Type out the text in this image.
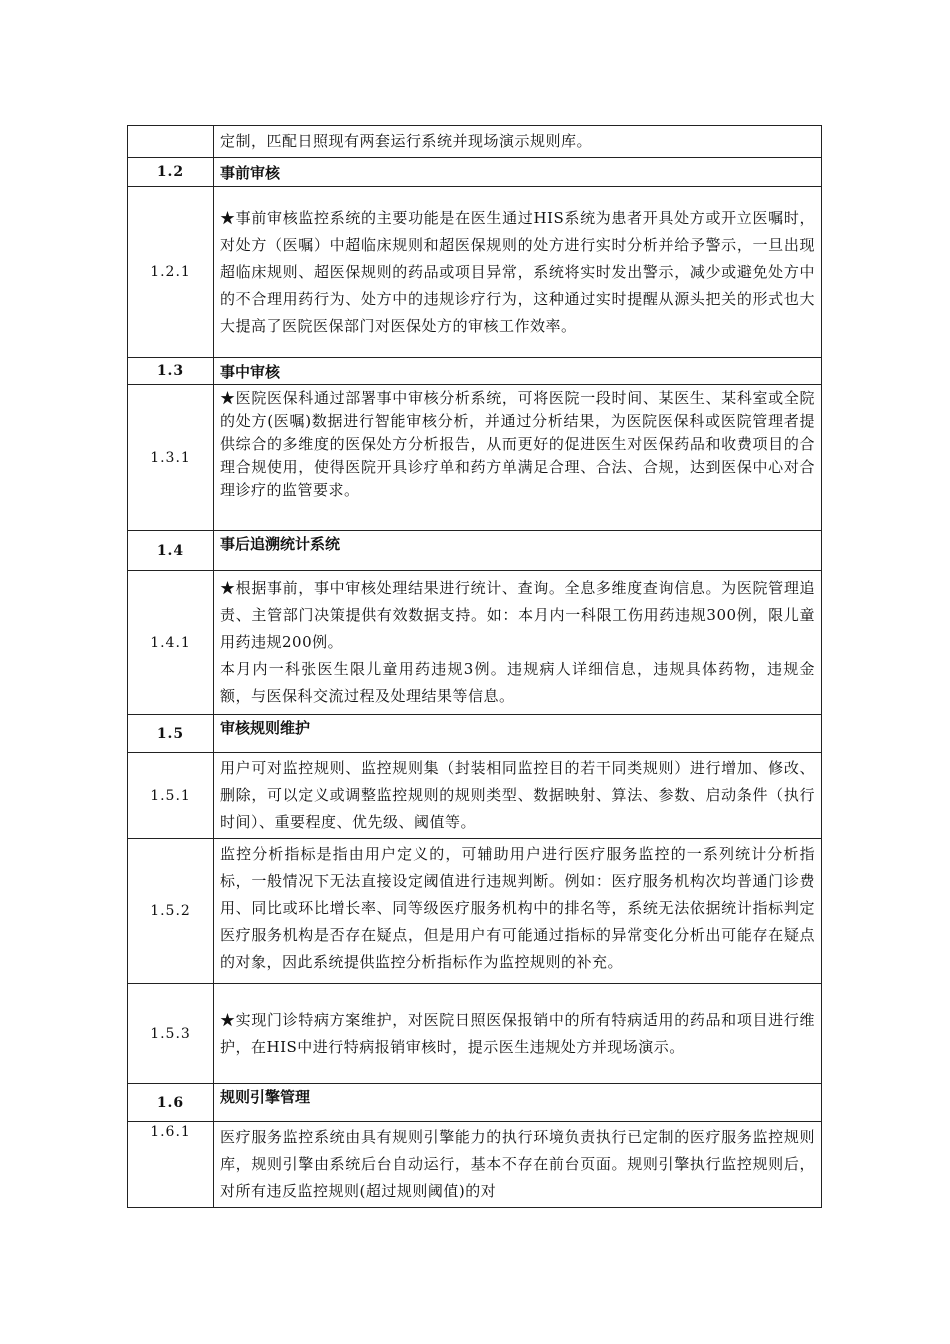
	定制，匹配日照现有两套运行系统并现场演示规则库。
1.2	事前审核
1.2.1	★事前审核监控系统的主要功能是在医生通过HIS系统为患者开具处方或开立医嘱时，对处方（医嘱）中超临床规则和超医保规则的处方进行实时分析并给予警示，一旦出现超临床规则、超医保规则的药品或项目异常，系统将实时发出警示，减少或避免处方中的不合理用药行为、处方中的违规诊疗行为，这种通过实时提醒从源头把关的形式也大大提高了医院医保部门对医保处方的审核工作效率。
1.3	事中审核
1.3.1	★医院医保科通过部署事中审核分析系统，可将医院一段时间、某医生、某科室或全院的处方(医嘱)数据进行智能审核分析，并通过分析结果，为医院医保科或医院管理者提供综合的多维度的医保处方分析报告，从而更好的促进医生对医保药品和收费项目的合理合规使用，使得医院开具诊疗单和药方单满足合理、合法、合规，达到医保中心对合理诊疗的监管要求。
1.4	事后追溯统计系统
1.4.1	★根据事前，事中审核处理结果进行统计、查询。全息多维度查询信息。为医院管理追责、主管部门决策提供有效数据支持。如：本月内一科限工伤用药违规300例，限儿童用药违规200例。

本月内一科张医生限儿童用药违规3例。违规病人详细信息，违规具体药物，违规金额，与医保科交流过程及处理结果等信息。

1.5	审核规则维护
1.5.1	用户可对监控规则、监控规则集（封装相同监控目的若干同类规则）进行增加、修改、删除，可以定义或调整监控规则的规则类型、数据映射、算法、参数、启动条件（执行时间）、重要程度、优先级、阈值等。
1.5.2	监控分析指标是指由用户定义的，可辅助用户进行医疗服务监控的一系列统计分析指标，一般情况下无法直接设定阈值进行违规判断。例如：医疗服务机构次均普通门诊费用、同比或环比增长率、同等级医疗服务机构中的排名等，系统无法依据统计指标判定医疗服务机构是否存在疑点，但是用户有可能通过指标的异常变化分析出可能存在疑点的对象，因此系统提供监控分析指标作为监控规则的补充。
1.5.3	★实现门诊特病方案维护，对医院日照医保报销中的所有特病适用的药品和项目进行维护，在HIS中进行特病报销审核时，提示医生违规处方并现场演示。
1.6	规则引擎管理
1.6.1	医疗服务监控系统由具有规则引擎能力的执行环境负责执行已定制的医疗服务监控规则库，规则引擎由系统后台自动运行，基本不存在前台页面。规则引擎执行监控规则后，对所有违反监控规则(超过规则阈值)的对
